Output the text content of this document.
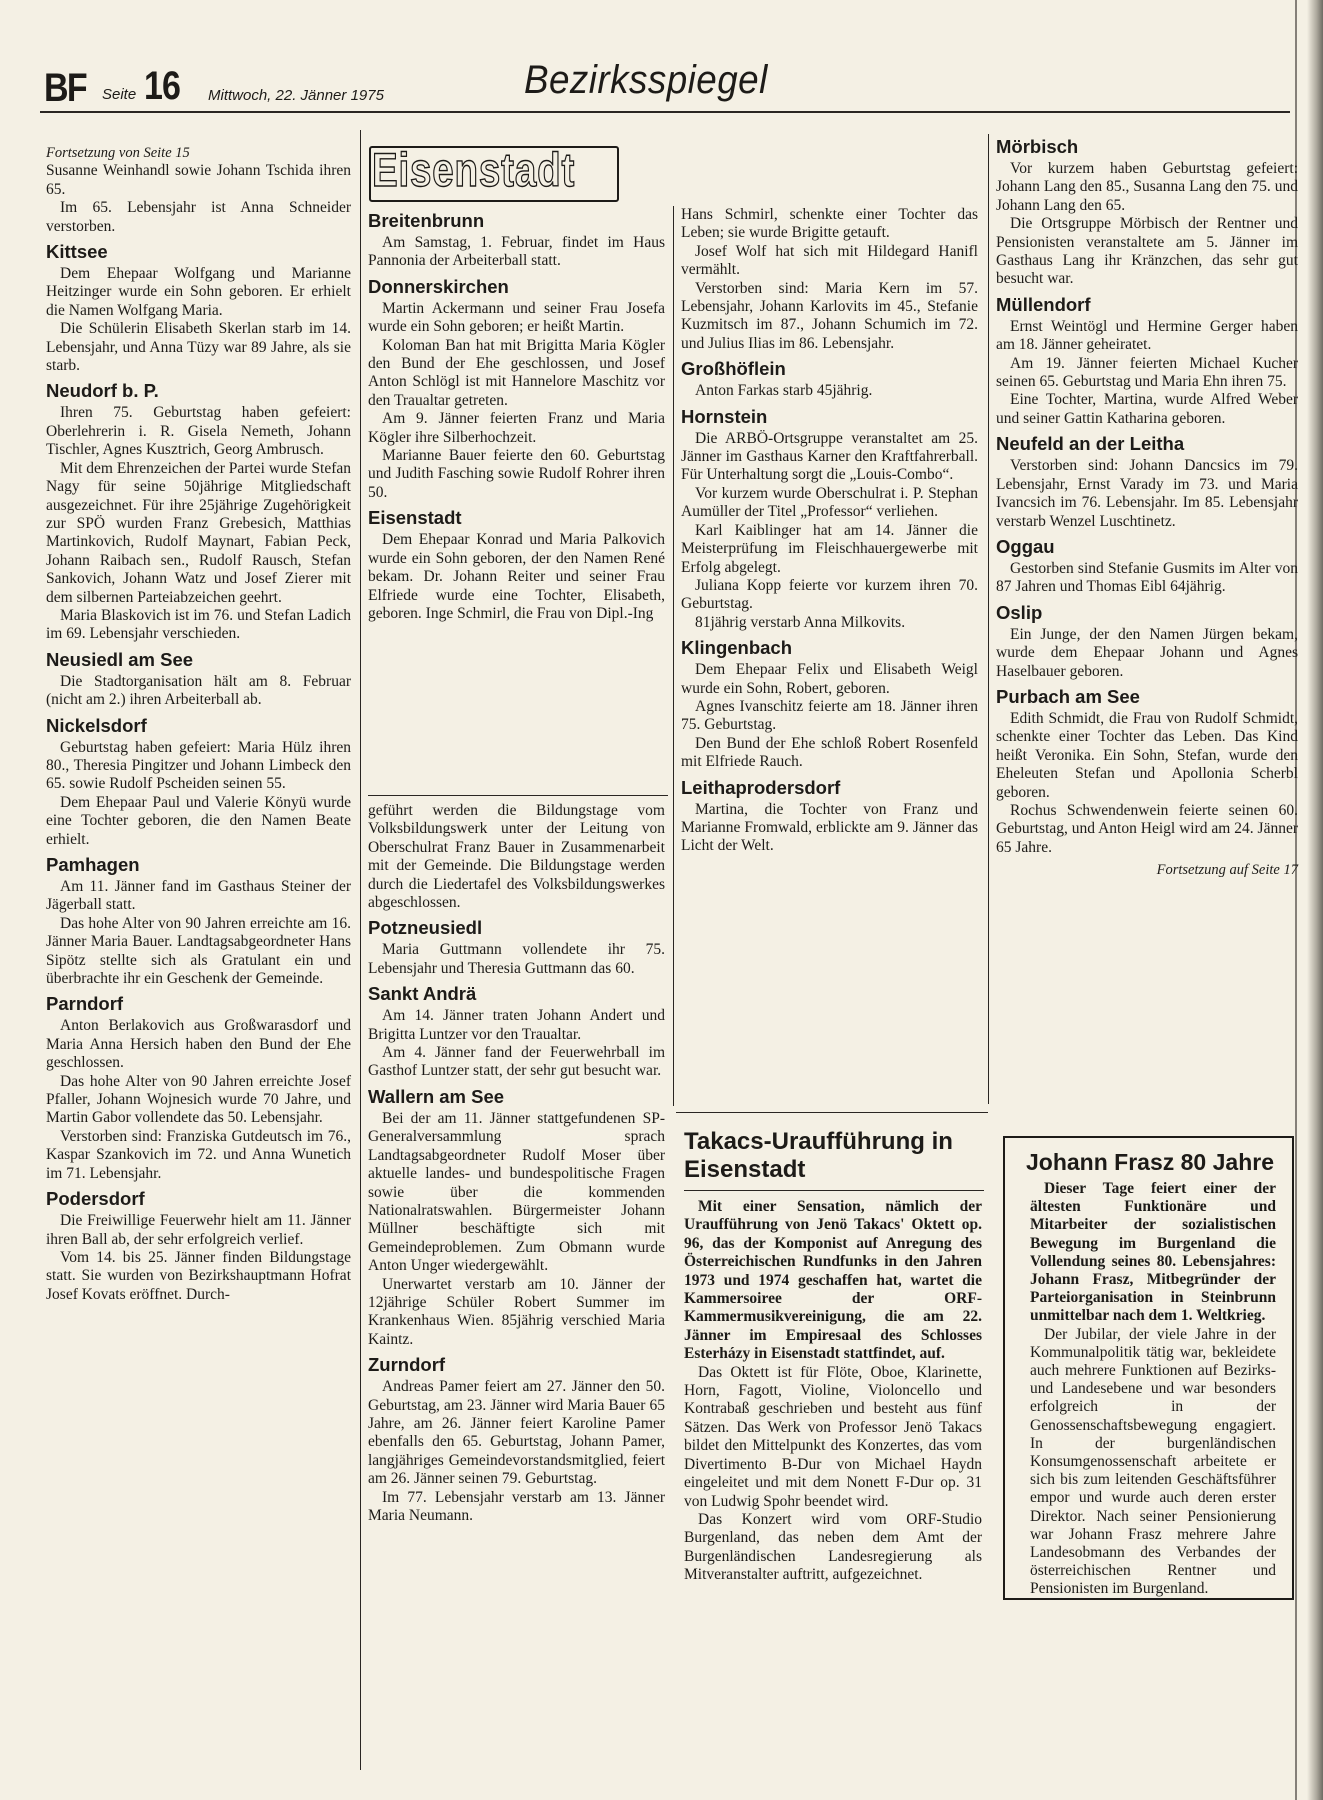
BF Seite 16 Mittwoch, 22. Jänner 1975	Bezirksspiegel

Fortsetzung von Seite 15

Susanne Weinhandl sowie Johann Tschida ihren 65.

Im 65. Lebensjahr ist Anna Schneider verstorben.

Kittsee

Dem Ehepaar Wolfgang und Marianne Heitzinger wurde ein Sohn geboren. Er erhielt die Namen Wolfgang Maria.

Die Schülerin Elisabeth Skerlan starb im 14. Lebensjahr, und Anna Tüzy war 89 Jahre, als sie starb.

Neudorf b. P.

Ihren 75. Geburtstag haben gefeiert: Oberlehrerin i. R. Gisela Nemeth, Johann Tischler, Agnes Kusztrich, Georg Ambrusch.

Mit dem Ehrenzeichen der Partei wurde Stefan Nagy für seine 50jährige Mitgliedschaft ausgezeichnet. Für ihre 25jährige Zugehörigkeit zur SPÖ wurden Franz Grebesich, Matthias Martinkovich, Rudolf Maynart, Fabian Peck, Johann Raibach sen., Rudolf Rausch, Stefan Sankovich, Johann Watz und Josef Zierer mit dem silbernen Parteiabzeichen geehrt.

Maria Blaskovich ist im 76. und Stefan Ladich im 69. Lebensjahr verschieden.

Neusiedl am See

Die Stadtorganisation hält am 8. Februar (nicht am 2.) ihren Arbeiterball ab.

Nickelsdorf

Geburtstag haben gefeiert: Maria Hülz ihren 80., Theresia Pingitzer und Johann Limbeck den 65. sowie Rudolf Pscheiden seinen 55.

Dem Ehepaar Paul und Valerie Könyü wurde eine Tochter geboren, die den Namen Beate erhielt.

Pamhagen

Am 11. Jänner fand im Gasthaus Steiner der Jägerball statt.

Das hohe Alter von 90 Jahren erreichte am 16. Jänner Maria Bauer. Landtagsabgeordneter Hans Sipötz stellte sich als Gratulant ein und überbrachte ihr ein Geschenk der Gemeinde.

Parndorf

Anton Berlakovich aus Großwarasdorf und Maria Anna Hersich haben den Bund der Ehe geschlossen.

Das hohe Alter von 90 Jahren erreichte Josef Pfaller, Johann Wojnesich wurde 70 Jahre, und Martin Gabor vollendete das 50. Lebensjahr.

Verstorben sind: Franziska Gutdeutsch im 76., Kaspar Szankovich im 72. und Anna Wunetich im 71. Lebensjahr.

Podersdorf

Die Freiwillige Feuerwehr hielt am 11. Jänner ihren Ball ab, der sehr erfolgreich verlief.

Vom 14. bis 25. Jänner finden Bildungstage statt. Sie wurden von Bezirkshauptmann Hofrat Josef Kovats eröffnet. Durch-

Eisenstadt
Breitenbrunn

Am Samstag, 1. Februar, findet im Haus Pannonia der Arbeiterball statt.

Donnerskirchen

Martin Ackermann und seiner Frau Josefa wurde ein Sohn geboren; er heißt Martin.

Koloman Ban hat mit Brigitta Maria Kögler den Bund der Ehe geschlossen, und Josef Anton Schlögl ist mit Hannelore Maschitz vor den Traualtar getreten.

Am 9. Jänner feierten Franz und Maria Kögler ihre Silberhochzeit.

Marianne Bauer feierte den 60. Geburtstag und Judith Fasching sowie Rudolf Rohrer ihren 50.

Eisenstadt

Dem Ehepaar Konrad und Maria Palkovich wurde ein Sohn geboren, der den Namen René bekam. Dr. Johann Reiter und seiner Frau Elfriede wurde eine Tochter, Elisabeth, geboren. Inge Schmirl, die Frau von Dipl.-Ing

geführt werden die Bildungstage vom Volksbildungswerk unter der Leitung von Oberschulrat Franz Bauer in Zusammenarbeit mit der Gemeinde. Die Bildungstage werden durch die Liedertafel des Volksbildungswerkes abgeschlossen.

Potzneusiedl

Maria Guttmann vollendete ihr 75. Lebensjahr und Theresia Guttmann das 60.

Sankt Andrä

Am 14. Jänner traten Johann Andert und Brigitta Luntzer vor den Traualtar.

Am 4. Jänner fand der Feuerwehrball im Gasthof Luntzer statt, der sehr gut besucht war.

Wallern am See

Bei der am 11. Jänner stattgefundenen SP-Generalversammlung sprach Landtagsabgeordneter Rudolf Moser über aktuelle landes- und bundespolitische Fragen sowie über die kommenden Nationalratswahlen. Bürgermeister Johann Müllner beschäftigte sich mit Gemeindeproblemen. Zum Obmann wurde Anton Unger wiedergewählt.

Unerwartet verstarb am 10. Jänner der 12jährige Schüler Robert Summer im Krankenhaus Wien. 85jährig verschied Maria Kaintz.

Zurndorf

Andreas Pamer feiert am 27. Jänner den 50. Geburtstag, am 23. Jänner wird Maria Bauer 65 Jahre, am 26. Jänner feiert Karoline Pamer ebenfalls den 65. Geburtstag, Johann Pamer, langjähriges Gemeindevorstandsmitglied, feiert am 26. Jänner seinen 79. Geburtstag.

Im 77. Lebensjahr verstarb am 13. Jänner Maria Neumann.

Hans Schmirl, schenkte einer Tochter das Leben; sie wurde Brigitte getauft.

Josef Wolf hat sich mit Hildegard Hanifl vermählt.

Verstorben sind: Maria Kern im 57. Lebensjahr, Johann Karlovits im 45., Stefanie Kuzmitsch im 87., Johann Schumich im 72. und Julius Ilias im 86. Lebensjahr.

Großhöflein

Anton Farkas starb 45jährig.

Hornstein

Die ARBÖ-Ortsgruppe veranstaltet am 25. Jänner im Gasthaus Karner den Kraftfahrerball. Für Unterhaltung sorgt die „Louis-Combo“.

Vor kurzem wurde Oberschulrat i. P. Stephan Aumüller der Titel „Professor“ verliehen.

Karl Kaiblinger hat am 14. Jänner die Meisterprüfung im Fleischhauergewerbe mit Erfolg abgelegt.

Juliana Kopp feierte vor kurzem ihren 70. Geburtstag.

81jährig verstarb Anna Milkovits.

Klingenbach

Dem Ehepaar Felix und Elisabeth Weigl wurde ein Sohn, Robert, geboren.

Agnes Ivanschitz feierte am 18. Jänner ihren 75. Geburtstag.

Den Bund der Ehe schloß Robert Rosenfeld mit Elfriede Rauch.

Leithaprodersdorf

Martina, die Tochter von Franz und Marianne Fromwald, erblickte am 9. Jänner das Licht der Welt.

Mörbisch

Vor kurzem haben Geburtstag gefeiert: Johann Lang den 85., Susanna Lang den 75. und Johann Lang den 65.

Die Ortsgruppe Mörbisch der Rentner und Pensionisten veranstaltete am 5. Jänner im Gasthaus Lang ihr Kränzchen, das sehr gut besucht war.

Müllendorf

Ernst Weintögl und Hermine Gerger haben am 18. Jänner geheiratet.

Am 19. Jänner feierten Michael Kucher seinen 65. Geburtstag und Maria Ehn ihren 75.

Eine Tochter, Martina, wurde Alfred Weber und seiner Gattin Katharina geboren.

Neufeld an der Leitha

Verstorben sind: Johann Dancsics im 79. Lebensjahr, Ernst Varady im 73. und Maria Ivancsich im 76. Lebensjahr. Im 85. Lebensjahr verstarb Wenzel Luschtinetz.

Oggau

Gestorben sind Stefanie Gusmits im Alter von 87 Jahren und Thomas Eibl 64jährig.

Oslip

Ein Junge, der den Namen Jürgen bekam, wurde dem Ehepaar Johann und Agnes Haselbauer geboren.

Purbach am See

Edith Schmidt, die Frau von Rudolf Schmidt, schenkte einer Tochter das Leben. Das Kind heißt Veronika. Ein Sohn, Stefan, wurde den Eheleuten Stefan und Apollonia Scherbl geboren.

Rochus Schwendenwein feierte seinen 60. Geburtstag, und Anton Heigl wird am 24. Jänner 65 Jahre.

Fortsetzung auf Seite 17

Takacs-Uraufführung in Eisenstadt

Mit einer Sensation, nämlich der Uraufführung von Jenö Takacs' Oktett op. 96, das der Komponist auf Anregung des Österreichischen Rundfunks in den Jahren 1973 und 1974 geschaffen hat, wartet die Kammersoiree der ORF-Kammermusikvereinigung, die am 22. Jänner im Empiresaal des Schlosses Esterházy in Eisenstadt stattfindet, auf.

Das Oktett ist für Flöte, Oboe, Klarinette, Horn, Fagott, Violine, Violoncello und Kontrabaß geschrieben und besteht aus fünf Sätzen. Das Werk von Professor Jenö Takacs bildet den Mittelpunkt des Konzertes, das vom Divertimento B-Dur von Michael Haydn eingeleitet und mit dem Nonett F-Dur op. 31 von Ludwig Spohr beendet wird.

Das Konzert wird vom ORF-Studio Burgenland, das neben dem Amt der Burgenländischen Landesregierung als Mitveranstalter auftritt, aufgezeichnet.

Johann Frasz 80 Jahre

Dieser Tage feiert einer der ältesten Funktionäre und Mitarbeiter der sozialistischen Bewegung im Burgenland die Vollendung seines 80. Lebensjahres: Johann Frasz, Mitbegründer der Parteiorganisation in Steinbrunn unmittelbar nach dem 1. Weltkrieg.

Der Jubilar, der viele Jahre in der Kommunalpolitik tätig war, bekleidete auch mehrere Funktionen auf Bezirks- und Landesebene und war besonders erfolgreich in der Genossenschaftsbewegung engagiert. In der burgenländischen Konsumgenossenschaft arbeitete er sich bis zum leitenden Geschäftsführer empor und wurde auch deren erster Direktor. Nach seiner Pensionierung war Johann Frasz mehrere Jahre Landesobmann des Verbandes der österreichischen Rentner und Pensionisten im Burgenland.
